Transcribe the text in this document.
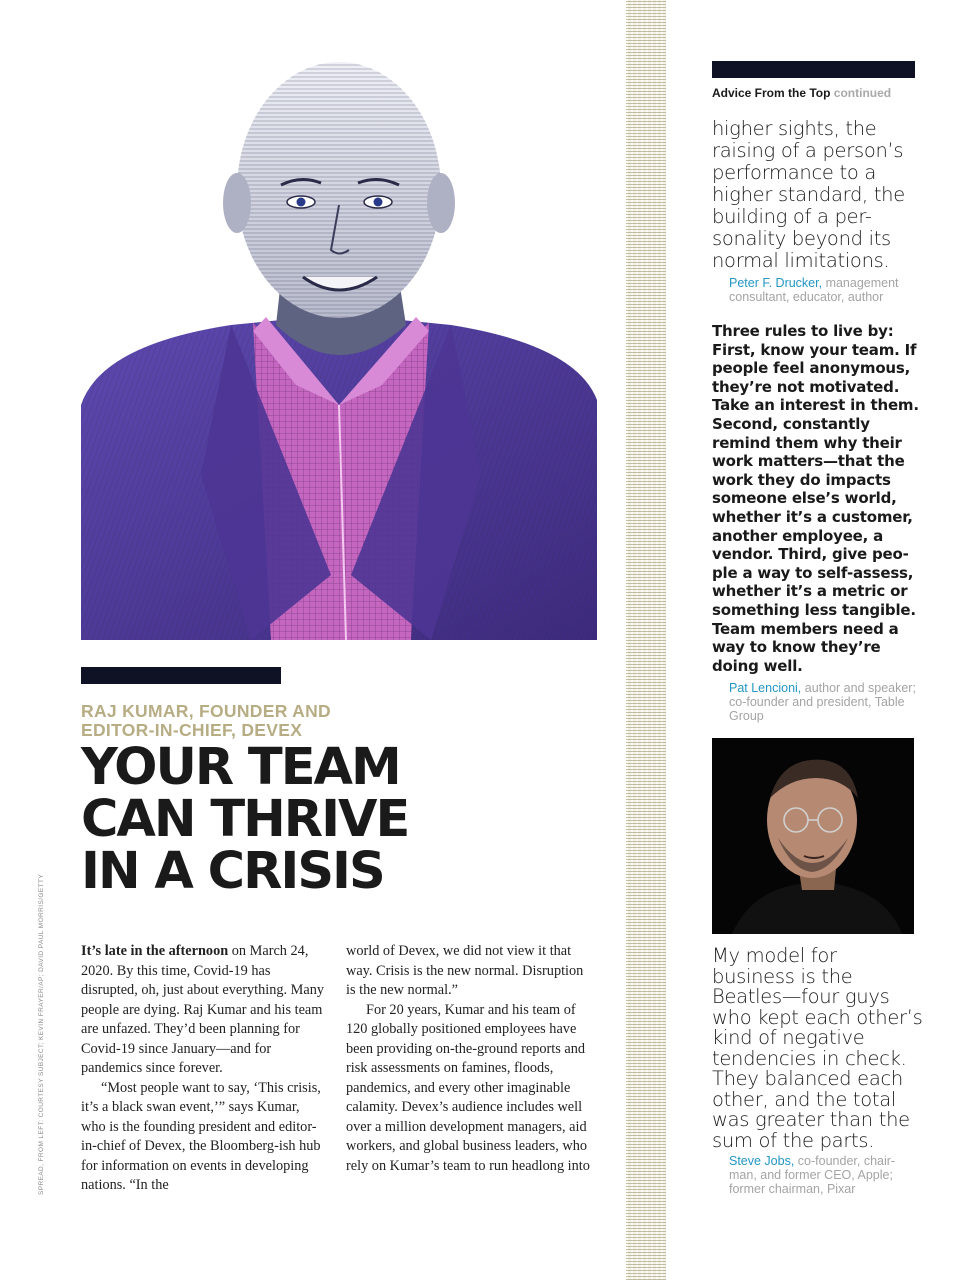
RAJ KUMAR, FOUNDER AND
EDITOR-IN-CHIEF, DEVEX
YOUR TEAM
CAN THRIVE
IN A CRISIS

It’s late in the afternoon on March 24, 2020. By this time, Covid-19 has disrupted, oh, just about everything. Many people are dying. Raj Kumar and his team are unfazed. They’d been planning for Covid-19 since January—and for pandemics since forever.

“Most people want to say, ‘This crisis, it’s a black swan event,’” says Kumar, who is the founding president and editor-in-chief of Devex, the Bloomberg-ish hub for information on events in developing nations. “In the

world of Devex, we did not view it that way. Crisis is the new normal. Disruption is the new normal.”

For 20 years, Kumar and his team of 120 globally positioned employees have been providing on-the-ground reports and risk assessments on famines, floods, pandemics, and every other imaginable calamity. Devex’s audience includes well over a million development managers, aid workers, and global business leaders, who rely on Kumar’s team to run headlong into

SPREAD, FROM LEFT: COURTESY SUBJECT; KEVIN FRAYER/AP; DAVID PAUL MORRIS/GETTY
Advice From the Top continued
higher sights, the
raising of a person’s
performance to a
higher standard, the
building of a per-
sonality beyond its
normal limitations.
Peter F. Drucker, management consultant, educator, author
Three rules to live by:
First, know your team. If
people feel anonymous,
they’re not motivated.
Take an interest in them.
Second, constantly
remind them why their
work matters—that the
work they do impacts
someone else’s world,
whether it’s a customer,
another employee, a
vendor. Third, give peo-
ple a way to self-assess,
whether it’s a metric or
something less tangible.
Team members need a
way to know they’re
doing well.
Pat Lencioni, author and speaker; co-founder and president, Table Group
My model for
business is the
Beatles—four guys
who kept each other’s
kind of negative
tendencies in check.
They balanced each
other, and the total
was greater than the
sum of the parts.
Steve Jobs, co-founder, chair-man, and former CEO, Apple; former chairman, Pixar
